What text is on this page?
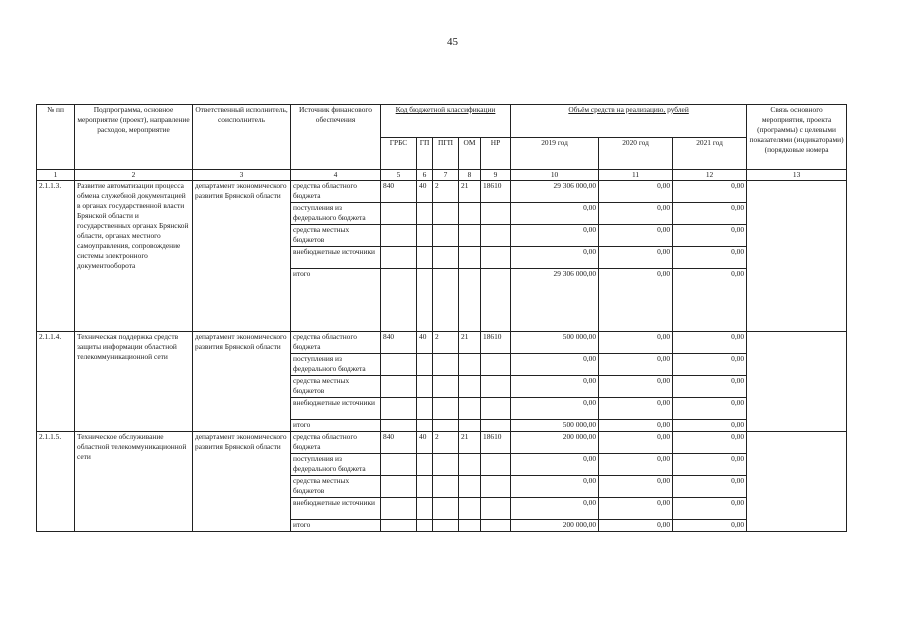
45
№ пп	Подпрограмма, основное мероприятие (проект), направление расходов, мероприятие	Ответственный исполнитель, соисполнитель	Источник финансового обеспечения	Код бюджетной классификации					Объём средств на реализацию, рублей			Связь основного мероприятия, проекта (программы) с целевыми показателями (индикаторами) (порядковые номера
				ГРБС	ГП	ПГП	ОМ	НР	2019 год	2020 год	2021 год	
1	2	3	4	5	6	7	8	9	10	11	12	13
2.1.1.3.	Развитие автоматизации процесса обмена служебной документацией в органах государственной власти Брянской области и государственных органах Брянской области, органах местного самоуправления, сопровождение системы электронного документооборота	департамент экономического развития Брянской области	средства областного бюджета	840	40	2	21	18610	29 306 000,00	0,00	0,00	
			поступления из федерального бюджета						0,00	0,00	0,00	
			средства местных бюджетов						0,00	0,00	0,00	
			внебюджетные источники						0,00	0,00	0,00	
			итого						29 306 000,00	0,00	0,00	
2.1.1.4.	Техническая поддержка средств защиты информации областной телекоммуникационной сети	департамент экономического развития Брянской области	средства областного бюджета	840	40	2	21	18610	500 000,00	0,00	0,00	
			поступления из федерального бюджета						0,00	0,00	0,00	
			средства местных бюджетов						0,00	0,00	0,00	
			внебюджетные источники						0,00	0,00	0,00	
			итого						500 000,00	0,00	0,00	
2.1.1.5.	Техническое обслуживание областной телекоммуникационной сети	департамент экономического развития Брянской области	средства областного бюджета	840	40	2	21	18610	200 000,00	0,00	0,00	
			поступления из федерального бюджета						0,00	0,00	0,00	
			средства местных бюджетов						0,00	0,00	0,00	
			внебюджетные источники						0,00	0,00	0,00	
			итого						200 000,00	0,00	0,00	
